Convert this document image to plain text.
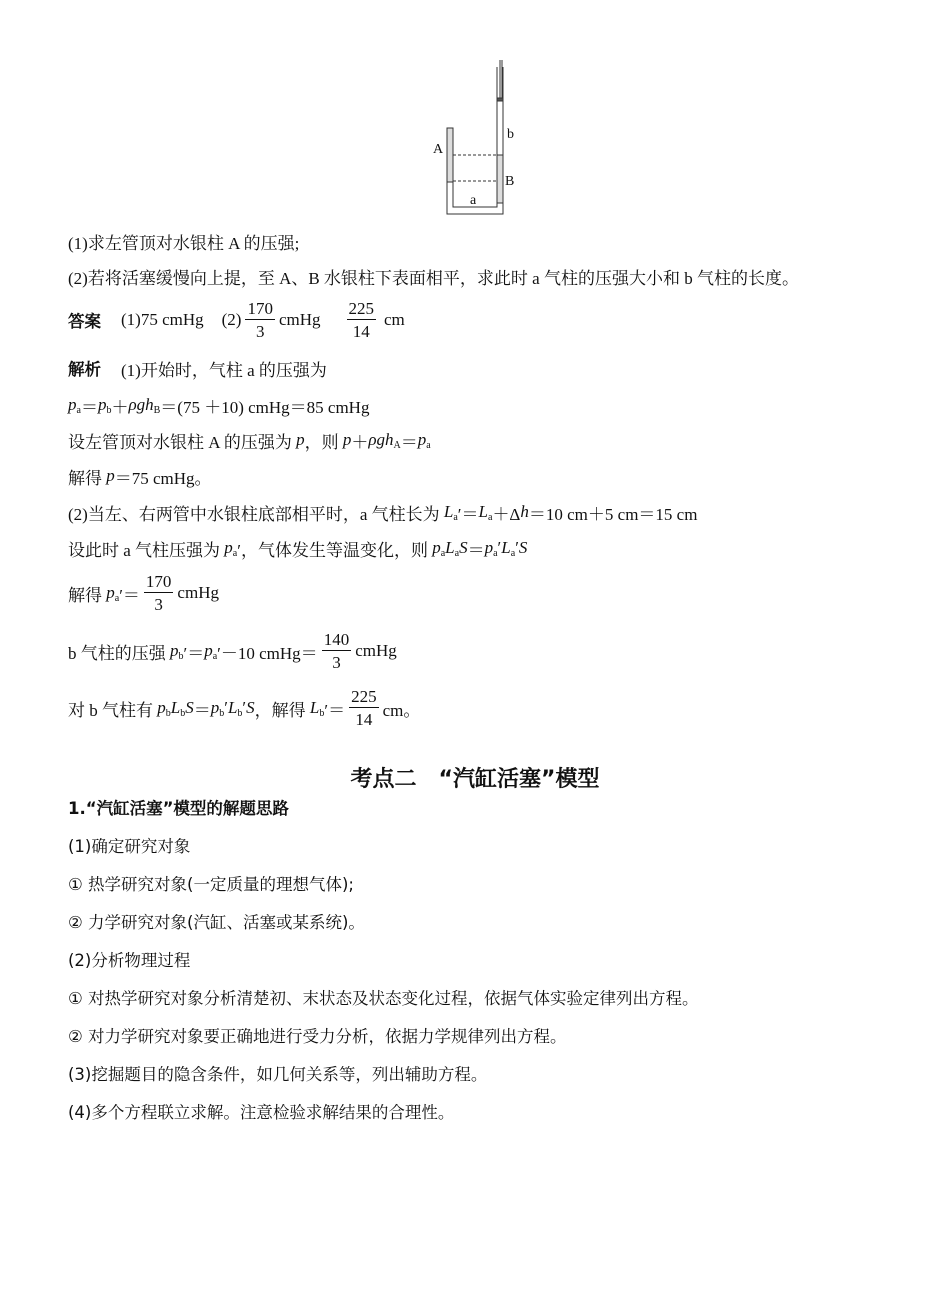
A
b
B
a
(1)求左管顶对水银柱 A 的压强;
(2)若将活塞缓慢向上提，至 A、B 水银柱下表面相平，求此时 a 气柱的压强大小和 b 气柱的长度。
答案 (1)75 cmHg $(2) \frac{170}{3}$ cmHg $\frac{225}{14}$ cm
解析 (1)开始时，气柱 a 的压强为
$p_a = p_b + \rho gh_B =(75 +10)$ cmHg＝85 cmHg
设左管顶对水银柱 A 的压强为 p ，则 $p + \rho gh_A = p_a$
解得 p ＝75 cmHg。
(2)当左、右两管中水银柱底部相平时，a 气柱长为 $L_a$ ′＝ $L_a +\Delta$ h ＝10 cm＋5 cm＝15 cm
设此时 a 气柱压强为 $p_a$ ′，气体发生等温变化，则 $p_a$ $L_a$ $S = p_a$ ′ $L_a$ ′ S
解得 $p_a$ ′＝ $\frac{170}{3}$ cmHg
b 气柱的压强 $p_b$ ′＝ $p_a$ ′－10 cmHg＝ $\frac{140}{3}$ cmHg
对 b 气柱有 $p_b$ $L_b$ $S = p_b$ ′ $L_b$ ′ S ，解得 $L_b$ ′＝ $\frac{225}{14}$ cm。
考点二　“汽缸活塞”模型
1.“汽缸活塞”模型的解题思路
(1)确定研究对象
① 热学研究对象(一定质量的理想气体);
② 力学研究对象(汽缸、活塞或某系统)。
(2)分析物理过程
① 对热学研究对象分析清楚初、末状态及状态变化过程，依据气体实验定律列出方程。
② 对力学研究对象要正确地进行受力分析，依据力学规律列出方程。
(3)挖掘题目的隐含条件，如几何关系等，列出辅助方程。
(4)多个方程联立求解。注意检验求解结果的合理性。
